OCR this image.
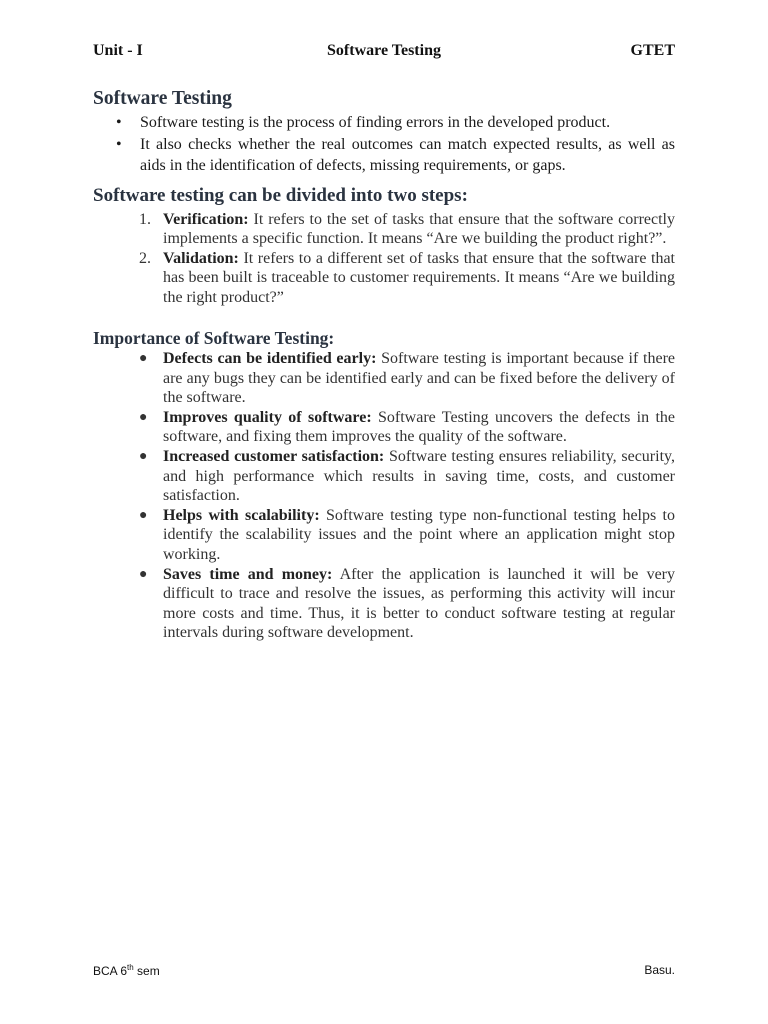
Unit - I	Software Testing	GTET
Software Testing
• Software testing is the process of finding errors in the developed product.
• It also checks whether the real outcomes can match expected results, as well as aids in the identification of defects, missing requirements, or gaps.
Software testing can be divided into two steps:
1. Verification: It refers to the set of tasks that ensure that the software correctly implements a specific function. It means “Are we building the product right?”.
2. Validation: It refers to a different set of tasks that ensure that the software that has been built is traceable to customer requirements. It means “Are we building the right product?”
Importance of Software Testing:
● Defects can be identified early: Software testing is important because if there are any bugs they can be identified early and can be fixed before the delivery of the software.
● Improves quality of software: Software Testing uncovers the defects in the software, and fixing them improves the quality of the software.
● Increased customer satisfaction: Software testing ensures reliability, security, and high performance which results in saving time, costs, and customer satisfaction.
● Helps with scalability: Software testing type non-functional testing helps to identify the scalability issues and the point where an application might stop working.
● Saves time and money: After the application is launched it will be very difficult to trace and resolve the issues, as performing this activity will incur more costs and time. Thus, it is better to conduct software testing at regular intervals during software development.
BCA 6th sem	Basu.
